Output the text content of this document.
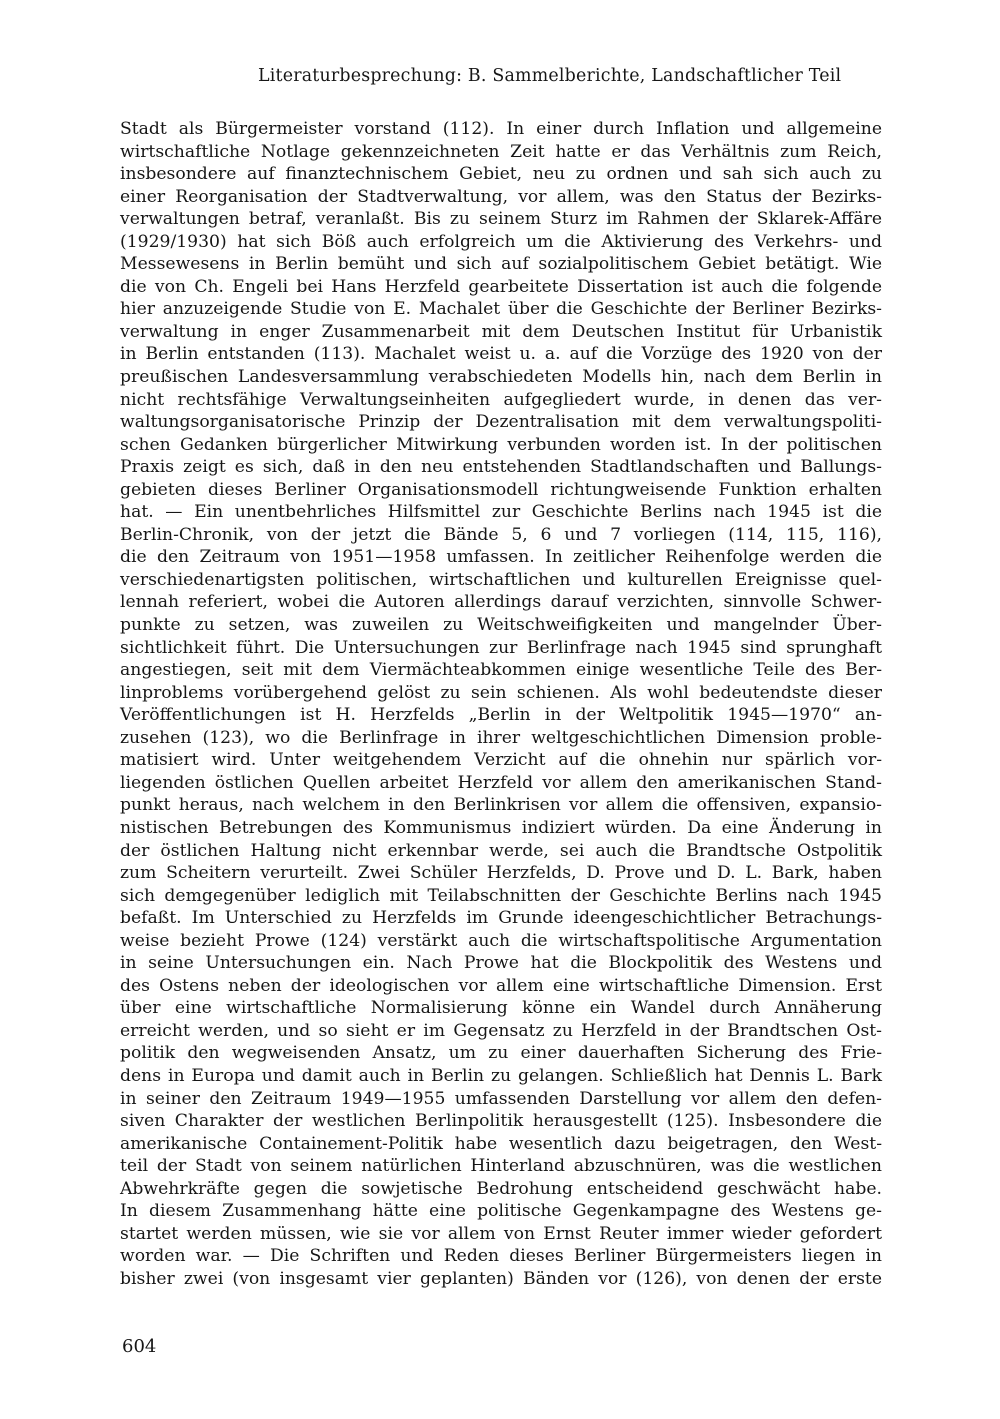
Literaturbesprechung: B. Sammelberichte, Landschaftlicher Teil
Stadt als Bürgermeister vorstand (112). In einer durch Inflation und allgemeine
wirtschaftliche Notlage gekennzeichneten Zeit hatte er das Verhältnis zum Reich,
insbesondere auf finanztechnischem Gebiet, neu zu ordnen und sah sich auch zu
einer Reorganisation der Stadtverwaltung, vor allem, was den Status der Bezirks-
verwaltungen betraf, veranlaßt. Bis zu seinem Sturz im Rahmen der Sklarek-Affäre
(1929/1930) hat sich Böß auch erfolgreich um die Aktivierung des Verkehrs- und
Messewesens in Berlin bemüht und sich auf sozialpolitischem Gebiet betätigt. Wie
die von Ch. Engeli bei Hans Herzfeld gearbeitete Dissertation ist auch die folgende
hier anzuzeigende Studie von E. Machalet über die Geschichte der Berliner Bezirks-
verwaltung in enger Zusammenarbeit mit dem Deutschen Institut für Urbanistik
in Berlin entstanden (113). Machalet weist u. a. auf die Vorzüge des 1920 von der
preußischen Landesversammlung verabschiedeten Modells hin, nach dem Berlin in
nicht rechtsfähige Verwaltungseinheiten aufgegliedert wurde, in denen das ver-
waltungsorganisatorische Prinzip der Dezentralisation mit dem verwaltungspoliti-
schen Gedanken bürgerlicher Mitwirkung verbunden worden ist. In der politischen
Praxis zeigt es sich, daß in den neu entstehenden Stadtlandschaften und Ballungs-
gebieten dieses Berliner Organisationsmodell richtungweisende Funktion erhalten
hat. — Ein unentbehrliches Hilfsmittel zur Geschichte Berlins nach 1945 ist die
Berlin-Chronik, von der jetzt die Bände 5, 6 und 7 vorliegen (114, 115, 116),
die den Zeitraum von 1951—1958 umfassen. In zeitlicher Reihenfolge werden die
verschiedenartigsten politischen, wirtschaftlichen und kulturellen Ereignisse quel-
lennah referiert, wobei die Autoren allerdings darauf verzichten, sinnvolle Schwer-
punkte zu setzen, was zuweilen zu Weitschweifigkeiten und mangelnder Über-
sichtlichkeit führt. Die Untersuchungen zur Berlinfrage nach 1945 sind sprunghaft
angestiegen, seit mit dem Viermächteabkommen einige wesentliche Teile des Ber-
linproblems vorübergehend gelöst zu sein schienen. Als wohl bedeutendste dieser
Veröffentlichungen ist H. Herzfelds „Berlin in der Weltpolitik 1945—1970“ an-
zusehen (123), wo die Berlinfrage in ihrer weltgeschichtlichen Dimension proble-
matisiert wird. Unter weitgehendem Verzicht auf die ohnehin nur spärlich vor-
liegenden östlichen Quellen arbeitet Herzfeld vor allem den amerikanischen Stand-
punkt heraus, nach welchem in den Berlinkrisen vor allem die offensiven, expansio-
nistischen Betrebungen des Kommunismus indiziert würden. Da eine Änderung in
der östlichen Haltung nicht erkennbar werde, sei auch die Brandtsche Ostpolitik
zum Scheitern verurteilt. Zwei Schüler Herzfelds, D. Prove und D. L. Bark, haben
sich demgegenüber lediglich mit Teilabschnitten der Geschichte Berlins nach 1945
befaßt. Im Unterschied zu Herzfelds im Grunde ideengeschichtlicher Betrachungs-
weise bezieht Prowe (124) verstärkt auch die wirtschaftspolitische Argumentation
in seine Untersuchungen ein. Nach Prowe hat die Blockpolitik des Westens und
des Ostens neben der ideologischen vor allem eine wirtschaftliche Dimension. Erst
über eine wirtschaftliche Normalisierung könne ein Wandel durch Annäherung
erreicht werden, und so sieht er im Gegensatz zu Herzfeld in der Brandtschen Ost-
politik den wegweisenden Ansatz, um zu einer dauerhaften Sicherung des Frie-
dens in Europa und damit auch in Berlin zu gelangen. Schließlich hat Dennis L. Bark
in seiner den Zeitraum 1949—1955 umfassenden Darstellung vor allem den defen-
siven Charakter der westlichen Berlinpolitik herausgestellt (125). Insbesondere die
amerikanische Containement-Politik habe wesentlich dazu beigetragen, den West-
teil der Stadt von seinem natürlichen Hinterland abzuschnüren, was die westlichen
Abwehrkräfte gegen die sowjetische Bedrohung entscheidend geschwächt habe.
In diesem Zusammenhang hätte eine politische Gegenkampagne des Westens ge-
startet werden müssen, wie sie vor allem von Ernst Reuter immer wieder gefordert
worden war. — Die Schriften und Reden dieses Berliner Bürgermeisters liegen in
bisher zwei (von insgesamt vier geplanten) Bänden vor (126), von denen der erste
604
